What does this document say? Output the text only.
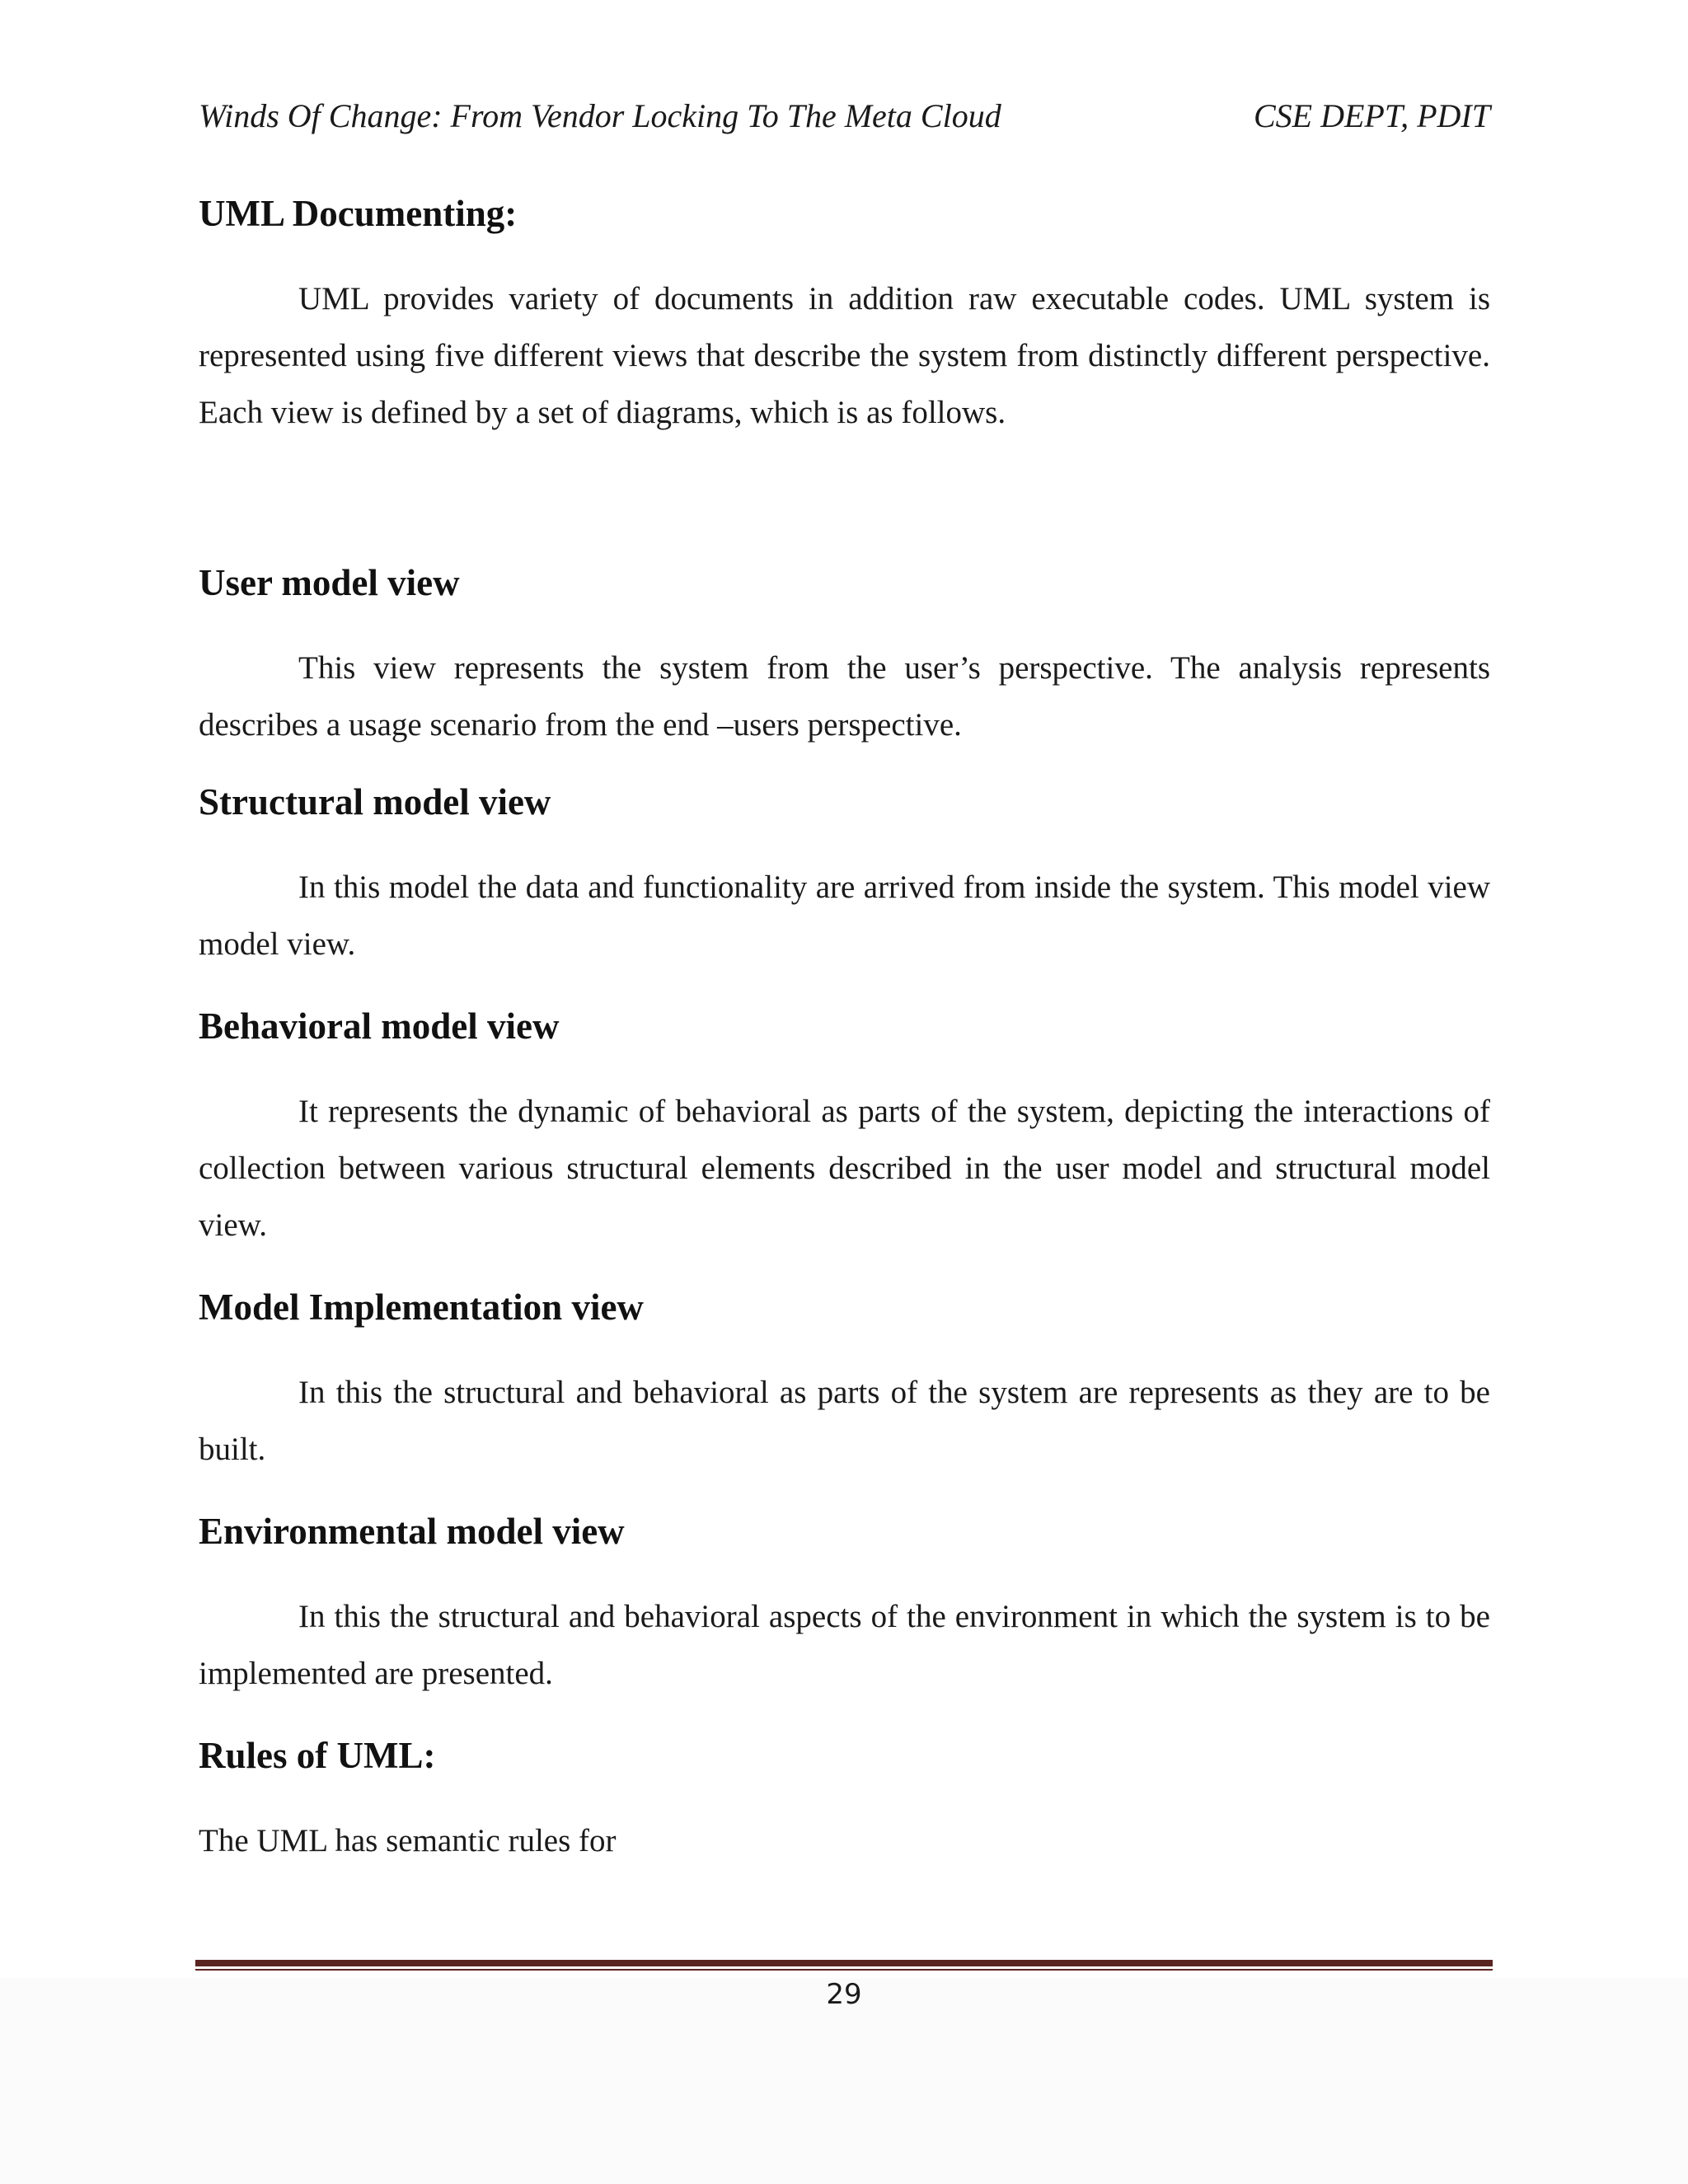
Winds Of Change: From Vendor Locking To The Meta Cloud	CSE DEPT, PDIT
UML Documenting:

UML provides variety of documents in addition raw executable codes. UML system is represented using five different views that describe the system from distinctly different perspective. Each view is defined by a set of diagrams, which is as follows.

User model view

This view represents the system from the user’s perspective. The analysis represents describes a usage scenario from the end –users perspective.

Structural model view

In this model the data and functionality are arrived from inside the system. This model view model view.

Behavioral model view

It represents the dynamic of behavioral as parts of the system, depicting the interactions of collection between various structural elements described in the user model and structural model view.

Model Implementation view

In this the structural and behavioral as parts of the system are represents as they are to be built.

Environmental model view

In this the structural and behavioral aspects of the environment in which the system is to be implemented are presented.

Rules of UML:

The UML has semantic rules for

29
